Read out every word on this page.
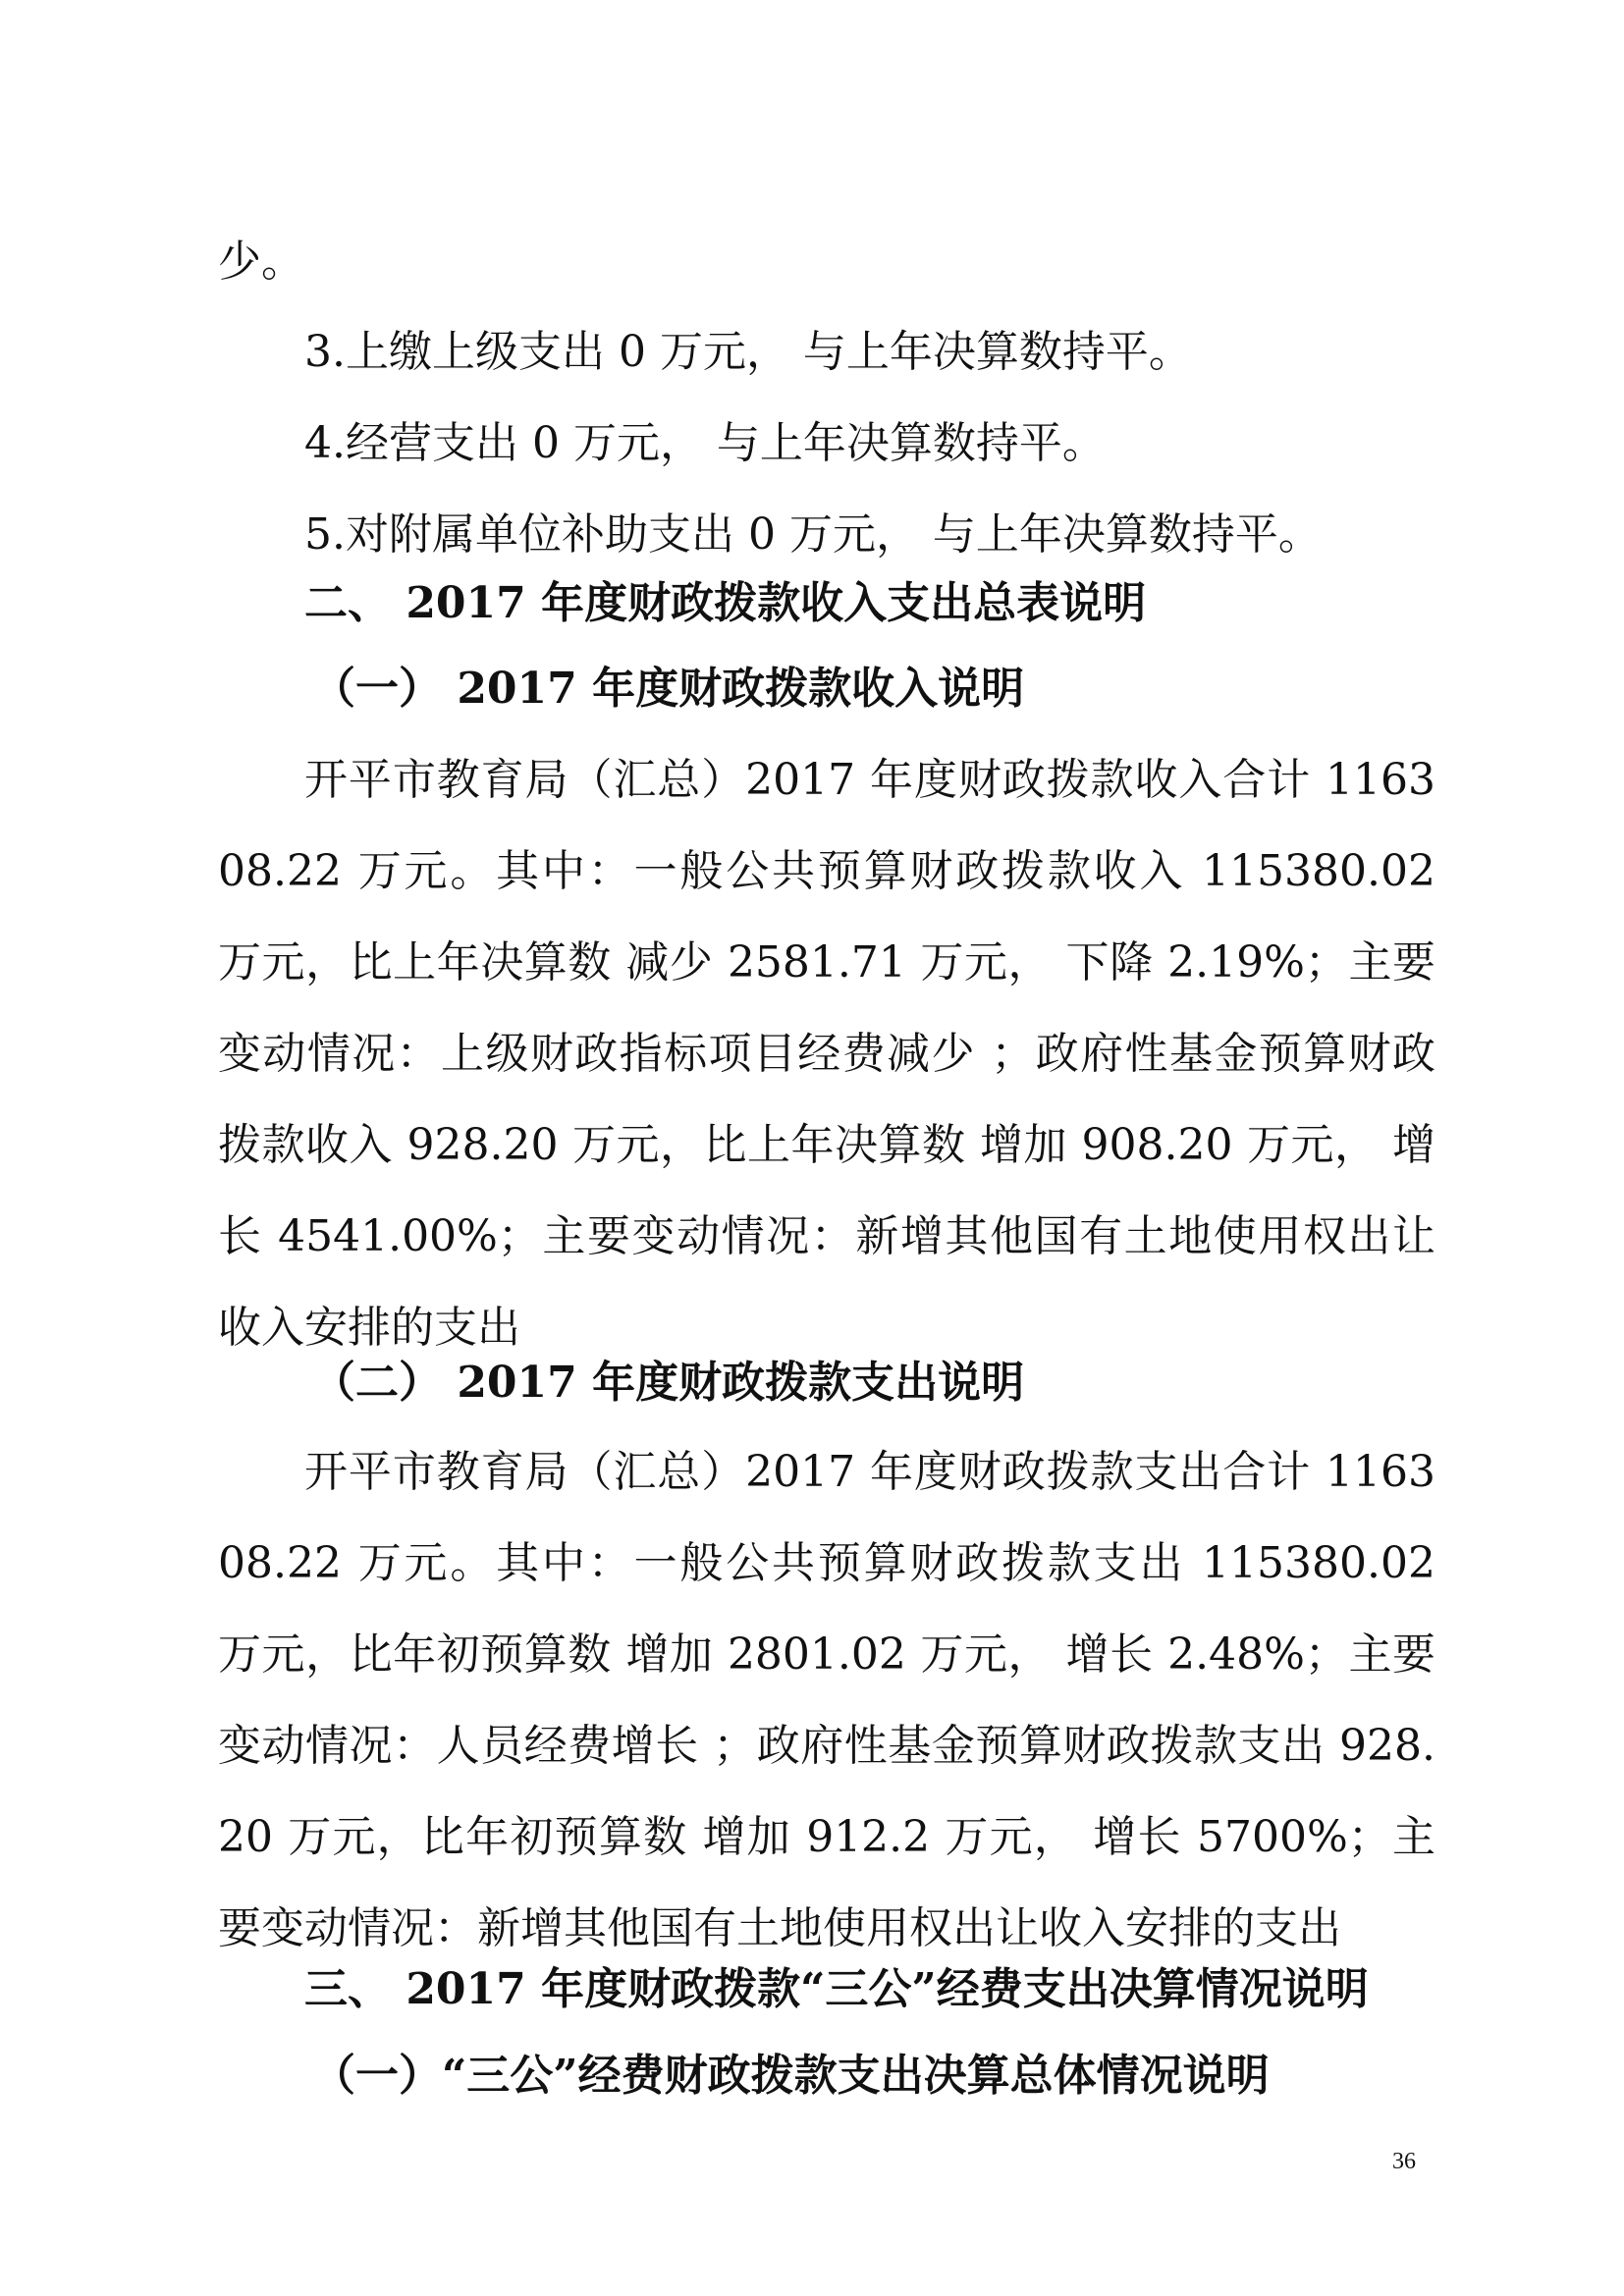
少。
3.上缴上级支出 0 万元， 与上年决算数持平。
4.经营支出 0 万元， 与上年决算数持平。
5.对附属单位补助支出 0 万元， 与上年决算数持平。
二、 2017 年度财政拨款收入支出总表说明
（一） 2017 年度财政拨款收入说明
开平市教育局（汇总）2017 年度财政拨款收入合计 116308.22 万元。其中：一般公共预算财政拨款收入 115380.02 万元，比上年决算数 减少 2581.71 万元， 下降 2.19%；主要变动情况：上级财政指标项目经费减少 ；政府性基金预算财政拨款收入 928.20 万元，比上年决算数 增加 908.20 万元， 增长 4541.00%；主要变动情况：新增其他国有土地使用权出让收入安排的支出
（二） 2017 年度财政拨款支出说明
开平市教育局（汇总）2017 年度财政拨款支出合计 116308.22 万元。其中：一般公共预算财政拨款支出 115380.02 万元，比年初预算数 增加 2801.02 万元， 增长 2.48%；主要变动情况：人员经费增长 ；政府性基金预算财政拨款支出 928.20 万元，比年初预算数 增加 912.2 万元， 增长 5700%；主要变动情况：新增其他国有土地使用权出让收入安排的支出
三、 2017 年度财政拨款“三公”经费支出决算情况说明
（一）“三公”经费财政拨款支出决算总体情况说明
36
